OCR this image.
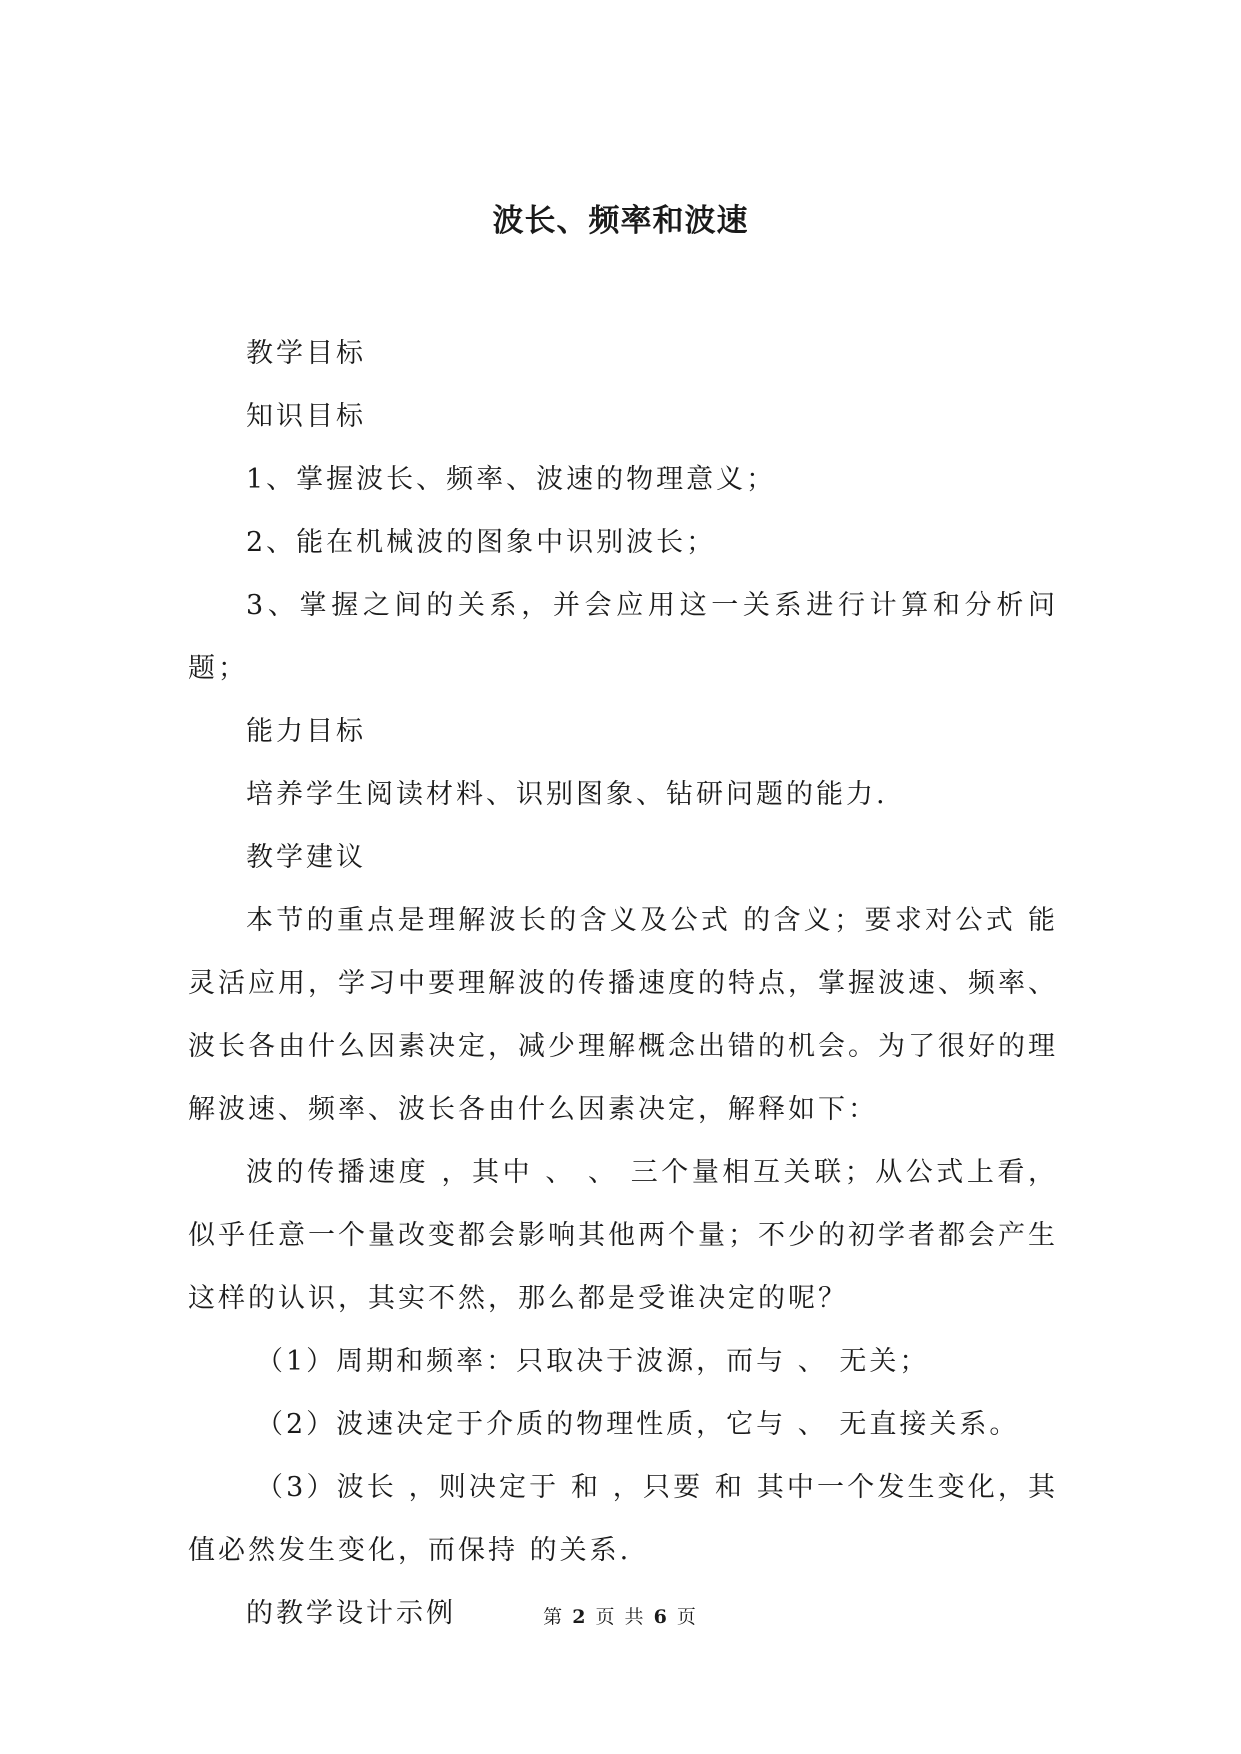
波长、频率和波速

教学目标

知识目标

1、掌握波长、频率、波速的物理意义；

2、能在机械波的图象中识别波长；

3、掌握之间的关系，并会应用这一关系进行计算和分析问题；

能力目标

培养学生阅读材料、识别图象、钻研问题的能力.

教学建议

本节的重点是理解波长的含义及公式 的含义；要求对公式 能灵活应用，学习中要理解波的传播速度的特点，掌握波速、频率、波长各由什么因素决定，减少理解概念出错的机会。为了很好的理解波速、频率、波长各由什么因素决定，解释如下：

波的传播速度 ，其中 、 、 三个量相互关联；从公式上看，似乎任意一个量改变都会影响其他两个量；不少的初学者都会产生这样的认识，其实不然，那么都是受谁决定的呢？

（1）周期和频率：只取决于波源，而与 、 无关；

（2）波速决定于介质的物理性质，它与 、 无直接关系。

（3）波长 ，则决定于 和 ，只要 和 其中一个发生变化，其值必然发生变化，而保持 的关系.

的教学设计示例	第 2 页 共 6 页
